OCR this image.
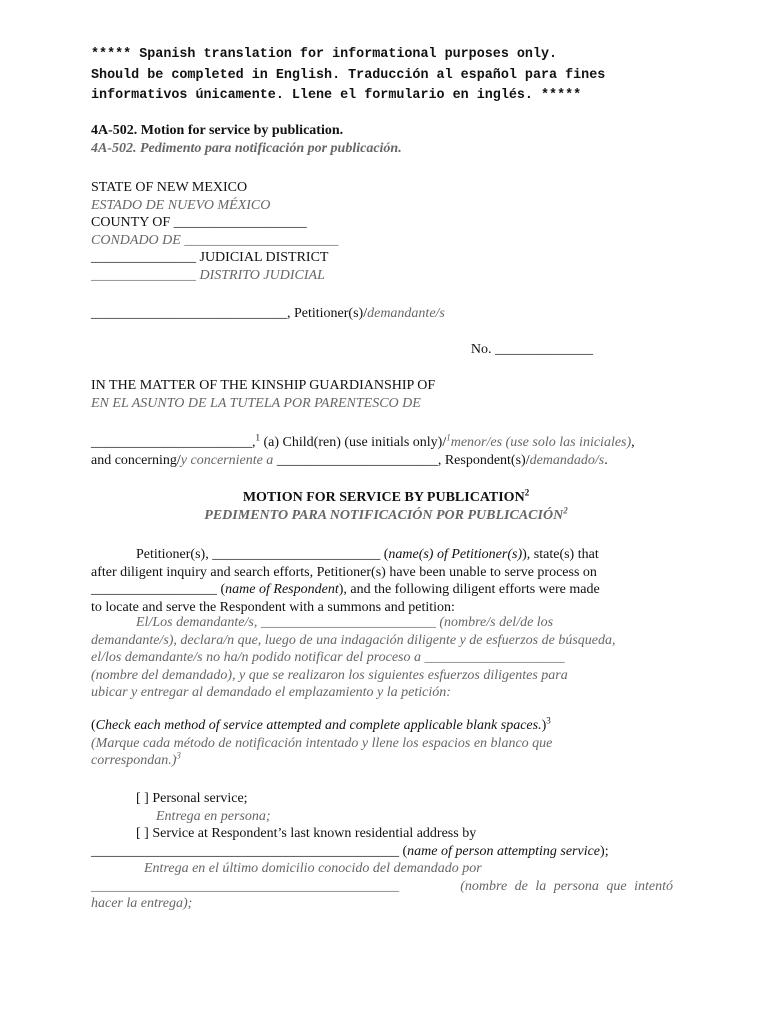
***** Spanish translation for informational purposes only.
Should be completed in English. Traducción al español para fines
informativos únicamente. Llene el formulario en inglés. *****
4A-502. Motion for service by publication.
4A-502. Pedimento para notificación por publicación.
STATE OF NEW MEXICO
ESTADO DE NUEVO MÉXICO
COUNTY OF ___________________
CONDADO DE ______________________
_______________ JUDICIAL DISTRICT
_______________ DISTRITO JUDICIAL
____________________________, Petitioner(s)/demandante/s
No. ______________
IN THE MATTER OF THE KINSHIP GUARDIANSHIP OF
EN EL ASUNTO DE LA TUTELA POR PARENTESCO DE
_______________________,$^1$ (a) Child(ren) (use initials only)/$^1$menor/es (use solo las iniciales),
and concerning/y concerniente a _______________________, Respondent(s)/demandado/s.
MOTION FOR SERVICE BY PUBLICATION$^2$
PEDIMENTO PARA NOTIFICACIÓN POR PUBLICACIÓN$^2$
Petitioner(s), ________________________ (name(s) of Petitioner(s)), state(s) that
after diligent inquiry and search efforts, Petitioner(s) have been unable to serve process on
__________________ (name of Respondent), and the following diligent efforts were made
to locate and serve the Respondent with a summons and petition:
El/Los demandante/s, _________________________ (nombre/s del/de los
demandante/s), declara/n que, luego de una indagación diligente y de esfuerzos de búsqueda,
el/los demandante/s no ha/n podido notificar del proceso a ____________________
(nombre del demandado), y que se realizaron los siguientes esfuerzos diligentes para
ubicar y entregar al demandado el emplazamiento y la petición:
(Check each method of service attempted and complete applicable blank spaces.)$^3$
(Marque cada método de notificación intentado y llene los espacios en blanco que
correspondan.)$^3$
[ ] Personal service;
Entrega en persona;
[ ] Service at Respondent’s last known residential address by
____________________________________________ (name of person attempting service);
Entrega en el último domicilio conocido del demandado por
____________________________________________	(nombre de la persona que intentó
hacer la entrega);
